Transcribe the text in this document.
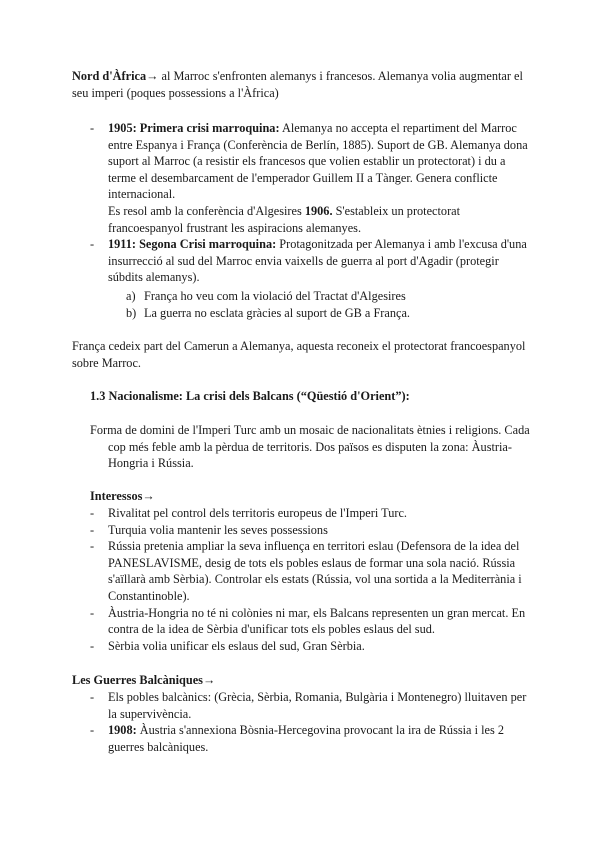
Nord d'Àfrica→ al Marroc s'enfronten alemanys i francesos. Alemanya volia augmentar el seu imperi (poques possessions a l'Àfrica)

- 1905: Primera crisi marroquina: Alemanya no accepta el repartiment del Marroc entre Espanya i França (Conferència de Berlín, 1885). Suport de GB. Alemanya dona suport al Marroc (a resistir els francesos que volien establir un protectorat) i du a terme el desembarcament de l'emperador Guillem II a Tànger. Genera conflicte internacional.
Es resol amb la conferència d'Algesires 1906. S'estableix un protectorat francoespanyol frustrant les aspiracions alemanyes.
- 1911: Segona Crisi marroquina: Protagonitzada per Alemanya i amb l'excusa d'una insurrecció al sud del Marroc envia vaixells de guerra al port d'Agadir (protegir súbdits alemanys).
a) França ho veu com la violació del Tractat d'Algesires
b) La guerra no esclata gràcies al suport de GB a França.

França cedeix part del Camerun a Alemanya, aquesta reconeix el protectorat francoespanyol sobre Marroc.

1.3 Nacionalisme: La crisi dels Balcans (“Qüestió d'Orient”):

Forma de domini de l'Imperi Turc amb un mosaic de nacionalitats ètnies i religions. Cada cop més feble amb la pèrdua de territoris. Dos països es disputen la zona: Àustria-Hongria i Rússia.

Interessos→

- Rivalitat pel control dels territoris europeus de l'Imperi Turc.
- Turquia volia mantenir les seves possessions
- Rússia pretenia ampliar la seva influença en territori eslau (Defensora de la idea del PANESLAVISME, desig de tots els pobles eslaus de formar una sola nació. Rússia s'aïllarà amb Sèrbia). Controlar els estats (Rússia, vol una sortida a la Mediterrània i Constantinoble).
- Àustria-Hongria no té ni colònies ni mar, els Balcans representen un gran mercat. En contra de la idea de Sèrbia d'unificar tots els pobles eslaus del sud.
- Sèrbia volia unificar els eslaus del sud, Gran Sèrbia.

Les Guerres Balcàniques→

- Els pobles balcànics: (Grècia, Sèrbia, Romania, Bulgària i Montenegro) lluitaven per la supervivència.
- 1908: Àustria s'annexiona Bòsnia-Hercegovina provocant la ira de Rússia i les 2 guerres balcàniques.
